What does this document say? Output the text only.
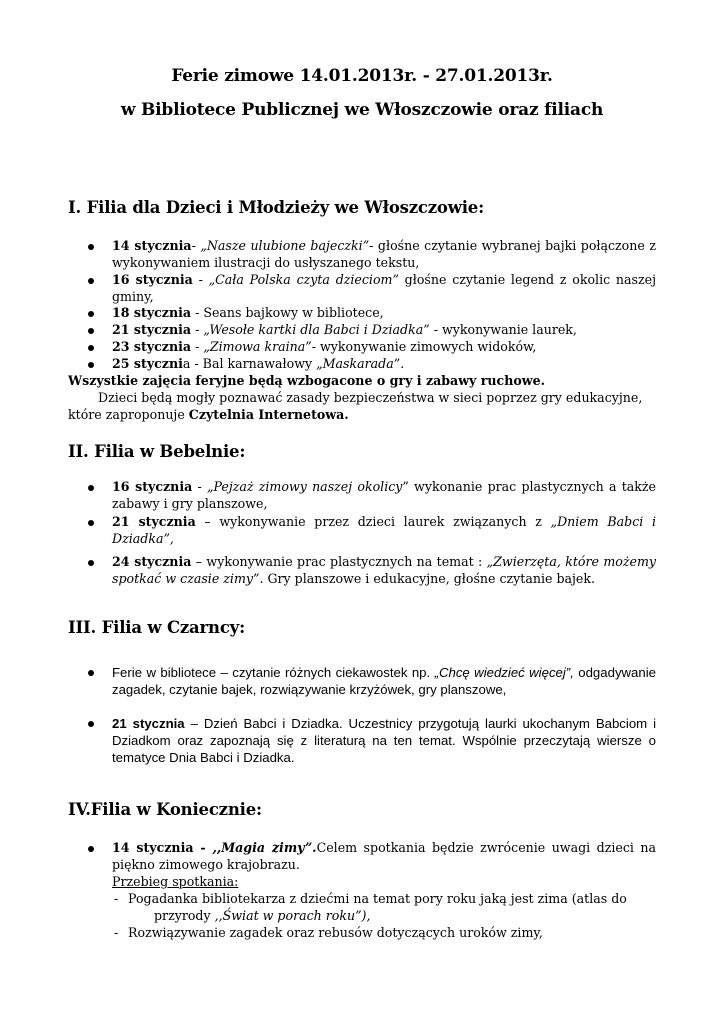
Ferie zimowe 14.01.2013r. - 27.01.2013r.
w Bibliotece Publicznej we Włoszczowie oraz filiach
I. Filia dla Dzieci i Młodzieży we Włoszczowie:
14 stycznia- „Nasze ulubione bajeczki”- głośne czytanie wybranej bajki połączone z wykonywaniem ilustracji do usłyszanego tekstu,
16 stycznia - „Cała Polska czyta dzieciom” głośne czytanie legend z okolic naszej gminy,
18 stycznia - Seans bajkowy w bibliotece,
21 stycznia - „Wesołe kartki dla Babci i Dziadka” - wykonywanie laurek,
23 stycznia - „Zimowa kraina”- wykonywanie zimowych widoków,
25 stycznia - Bal karnawałowy „Maskarada”.
Wszystkie zajęcia feryjne będą wzbogacone o gry i zabawy ruchowe.
Dzieci będą mogły poznawać zasady bezpieczeństwa w sieci poprzez gry edukacyjne,
które zaproponuje Czytelnia Internetowa.
II. Filia w Bebelnie:
16 stycznia - „Pejzaż zimowy naszej okolicy” wykonanie prac plastycznych a także zabawy i gry planszowe,
21 stycznia – wykonywanie przez dzieci laurek związanych z „Dniem Babci i Dziadka”,
24 stycznia – wykonywanie prac plastycznych na temat : „Zwierzęta, które możemy spotkać w czasie zimy”. Gry planszowe i edukacyjne, głośne czytanie bajek.
III. Filia w Czarncy:
Ferie w bibliotece – czytanie różnych ciekawostek np. „Chcę wiedzieć więcej”, odgadywanie zagadek, czytanie bajek, rozwiązywanie krzyżówek, gry planszowe,
21 stycznia – Dzień Babci i Dziadka. Uczestnicy przygotują laurki ukochanym Babciom i Dziadkom oraz zapoznają się z literaturą na ten temat. Wspólnie przeczytają wiersze o tematyce Dnia Babci i Dziadka.
IV.Filia w Koniecznie:
14 stycznia - ,,Magia zimy”.Celem spotkania będzie zwrócenie uwagi dzieci na piękno zimowego krajobrazu.
Przebieg spotkania:
- Pogadanka bibliotekarza z dziećmi na temat pory roku jaką jest zima (atlas do
przyrody ,,Świat w porach roku”),
- Rozwiązywanie zagadek oraz rebusów dotyczących uroków zimy,
